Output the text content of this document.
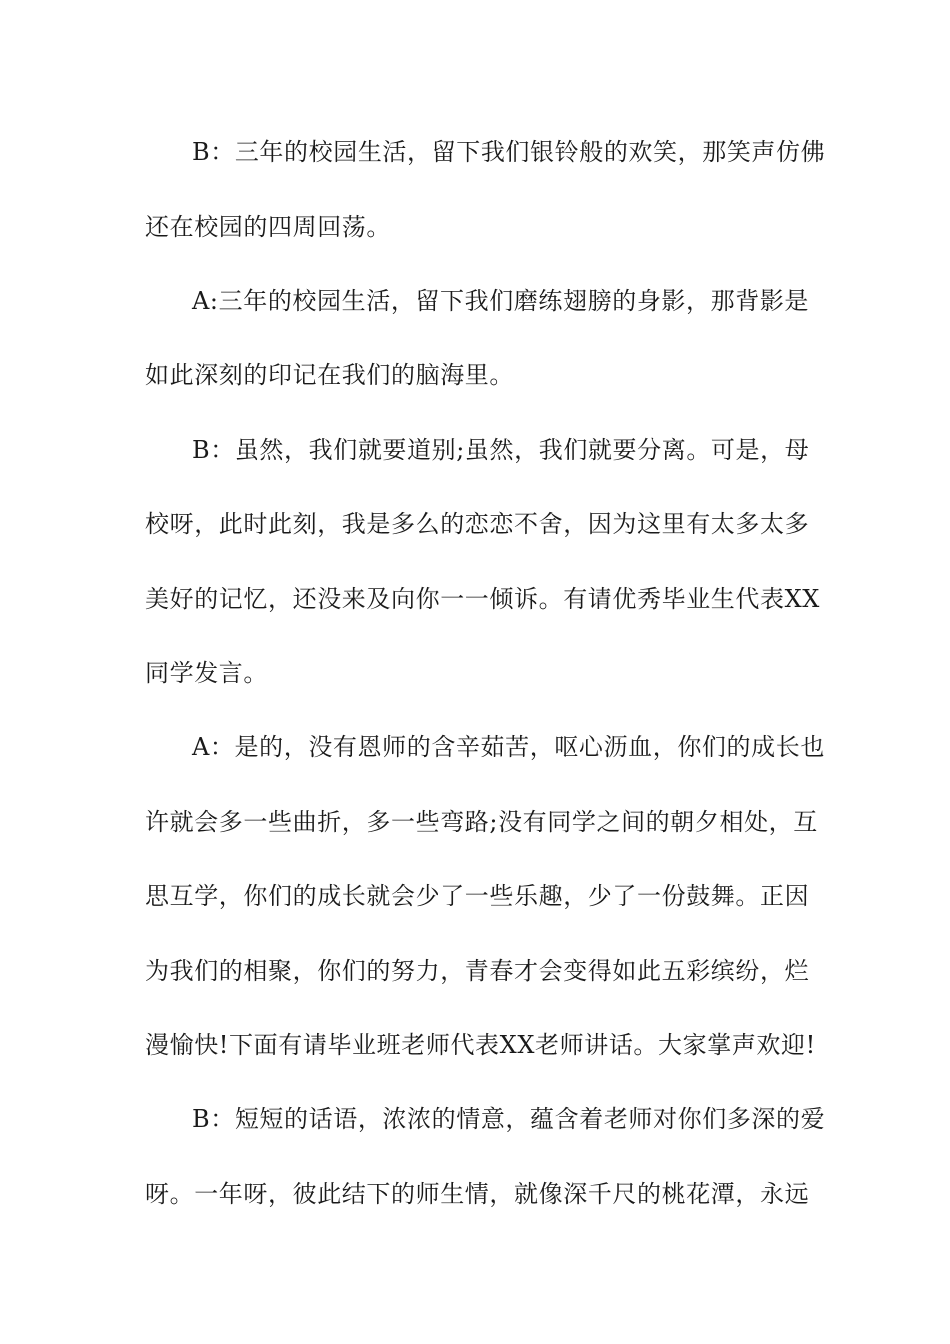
B：三年的校园生活，留下我们银铃般的欢笑，那笑声仿佛
还在校园的四周回荡。
A:三年的校园生活，留下我们磨练翅膀的身影，那背影是
如此深刻的印记在我们的脑海里。
B：虽然，我们就要道别;虽然，我们就要分离。可是，母
校呀，此时此刻，我是多么的恋恋不舍，因为这里有太多太多
美好的记忆，还没来及向你一一倾诉。有请优秀毕业生代表XX
同学发言。
A：是的，没有恩师的含辛茹苦，呕心沥血，你们的成长也
许就会多一些曲折，多一些弯路;没有同学之间的朝夕相处，互
思互学，你们的成长就会少了一些乐趣，少了一份鼓舞。正因
为我们的相聚，你们的努力，青春才会变得如此五彩缤纷，烂
漫愉快!下面有请毕业班老师代表XX老师讲话。大家掌声欢迎!
B：短短的话语，浓浓的情意，蕴含着老师对你们多深的爱
呀。一年呀，彼此结下的师生情，就像深千尺的桃花潭，永远
